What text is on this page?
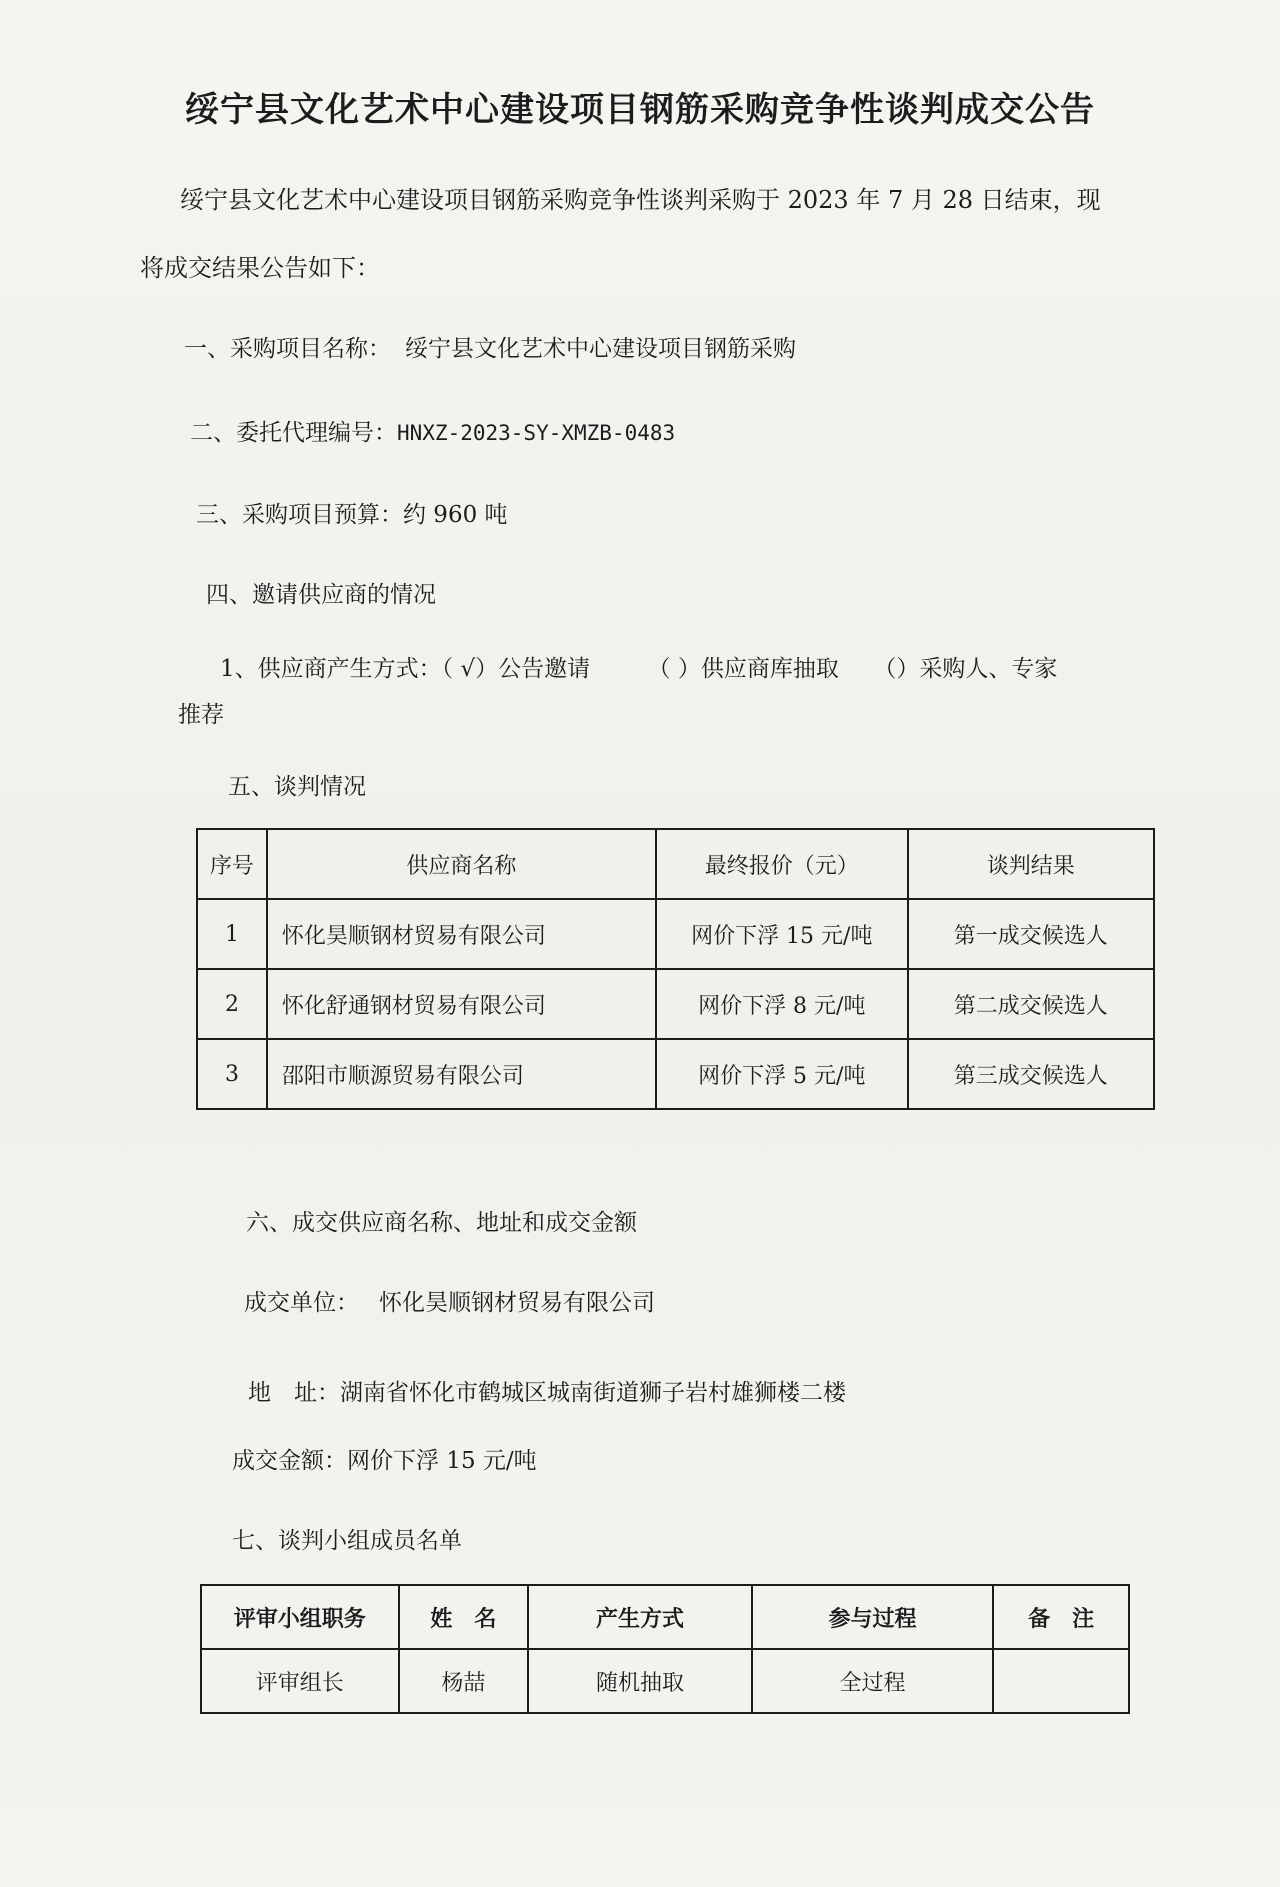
绥宁县文化艺术中心建设项目钢筋采购竞争性谈判成交公告
绥宁县文化艺术中心建设项目钢筋采购竞争性谈判采购于 2023 年 7 月 28 日结束，现
将成交结果公告如下：
一、采购项目名称： 绥宁县文化艺术中心建设项目钢筋采购
二、委托代理编号：HNXZ-2023-SY-XMZB-0483
三、采购项目预算：约 960 吨
四、邀请供应商的情况
1、供应商产生方式：（ √）公告邀请　　　（ ）供应商库抽取　　（）采购人、专家
推荐
五、谈判情况
序号	供应商名称	最终报价（元）	谈判结果
1	怀化昊顺钢材贸易有限公司	网价下浮 15 元/吨	第一成交候选人
2	怀化舒通钢材贸易有限公司	网价下浮 8 元/吨	第二成交候选人
3	邵阳市顺源贸易有限公司	网价下浮 5 元/吨	第三成交候选人
六、成交供应商名称、地址和成交金额
成交单位： 怀化昊顺钢材贸易有限公司
地　址：湖南省怀化市鹤城区城南街道狮子岩村雄狮楼二楼
成交金额：网价下浮 15 元/吨
七、谈判小组成员名单
评审小组职务	姓　名	产生方式	参与过程	备　注
评审组长	杨喆	随机抽取	全过程	
